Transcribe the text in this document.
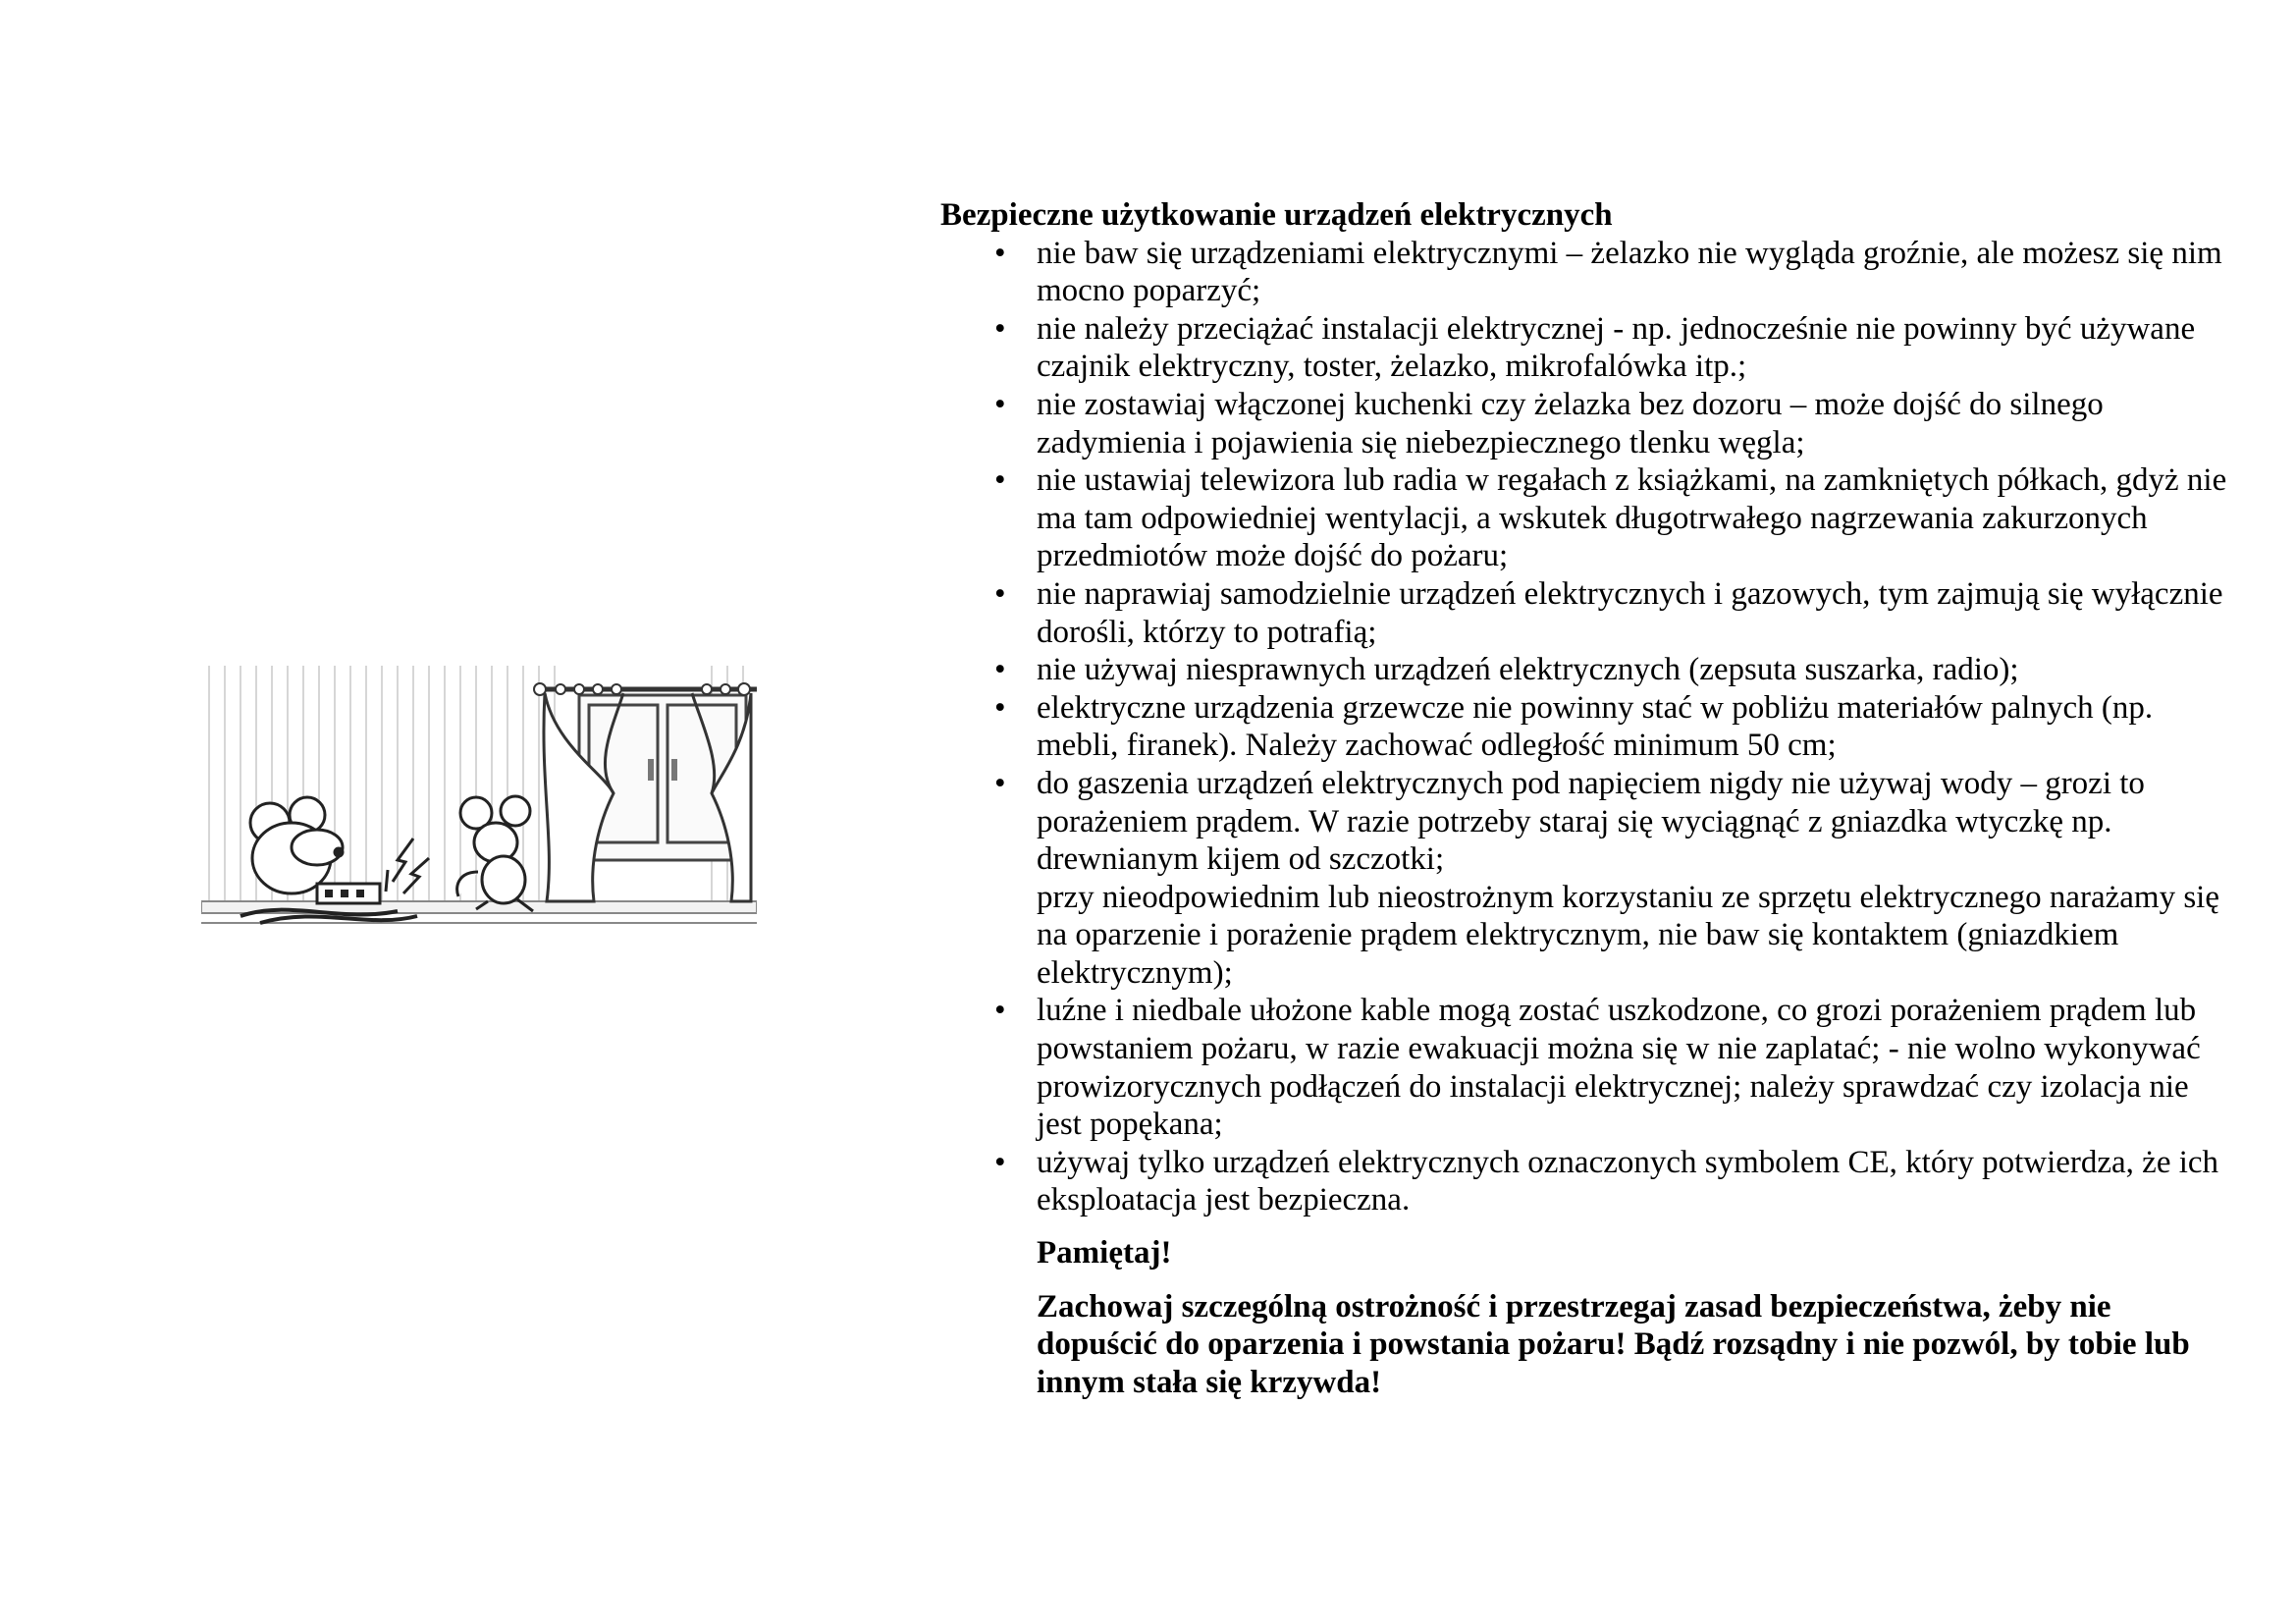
Bezpieczne użytkowanie urządzeń elektrycznych

• nie baw się urządzeniami elektrycznymi – żelazko nie wygląda groźnie, ale możesz się nim mocno poparzyć;
• nie należy przeciążać instalacji elektrycznej - np. jednocześnie nie powinny być używane czajnik elektryczny, toster, żelazko, mikrofalówka itp.;
• nie zostawiaj włączonej kuchenki czy żelazka bez dozoru – może dojść do silnego zadymienia i pojawienia się niebezpiecznego tlenku węgla;
• nie ustawiaj telewizora lub radia w regałach z książkami, na zamkniętych półkach, gdyż nie ma tam odpowiedniej wentylacji, a wskutek długotrwałego nagrzewania zakurzonych przedmiotów może dojść do pożaru;
• nie naprawiaj samodzielnie urządzeń elektrycznych i gazowych, tym zajmują się wyłącznie dorośli, którzy to potrafią;
• nie używaj niesprawnych urządzeń elektrycznych (zepsuta suszarka, radio);
• elektryczne urządzenia grzewcze nie powinny stać w pobliżu materiałów palnych (np. mebli, firanek). Należy zachować odległość minimum 50 cm;
• do gaszenia urządzeń elektrycznych pod napięciem nigdy nie używaj wody – grozi to porażeniem prądem. W razie potrzeby staraj się wyciągnąć z gniazdka wtyczkę np. drewnianym kijem od szczotki;
przy nieodpowiednim lub nieostrożnym korzystaniu ze sprzętu elektrycznego narażamy się na oparzenie i porażenie prądem elektrycznym, nie baw się kontaktem (gniazdkiem elektrycznym);
• luźne i niedbale ułożone kable mogą zostać uszkodzone, co grozi porażeniem prądem lub powstaniem pożaru, w razie ewakuacji można się w nie zaplatać; - nie wolno wykonywać prowizorycznych podłączeń do instalacji elektrycznej; należy sprawdzać czy izolacja nie jest popękana;
• używaj tylko urządzeń elektrycznych oznaczonych symbolem CE, który potwierdza, że ich eksploatacja jest bezpieczna.

Pamiętaj!

Zachowaj szczególną ostrożność i przestrzegaj zasad bezpieczeństwa, żeby nie dopuścić do oparzenia i powstania pożaru! Bądź rozsądny i nie pozwól, by tobie lub innym stała się krzywda!
